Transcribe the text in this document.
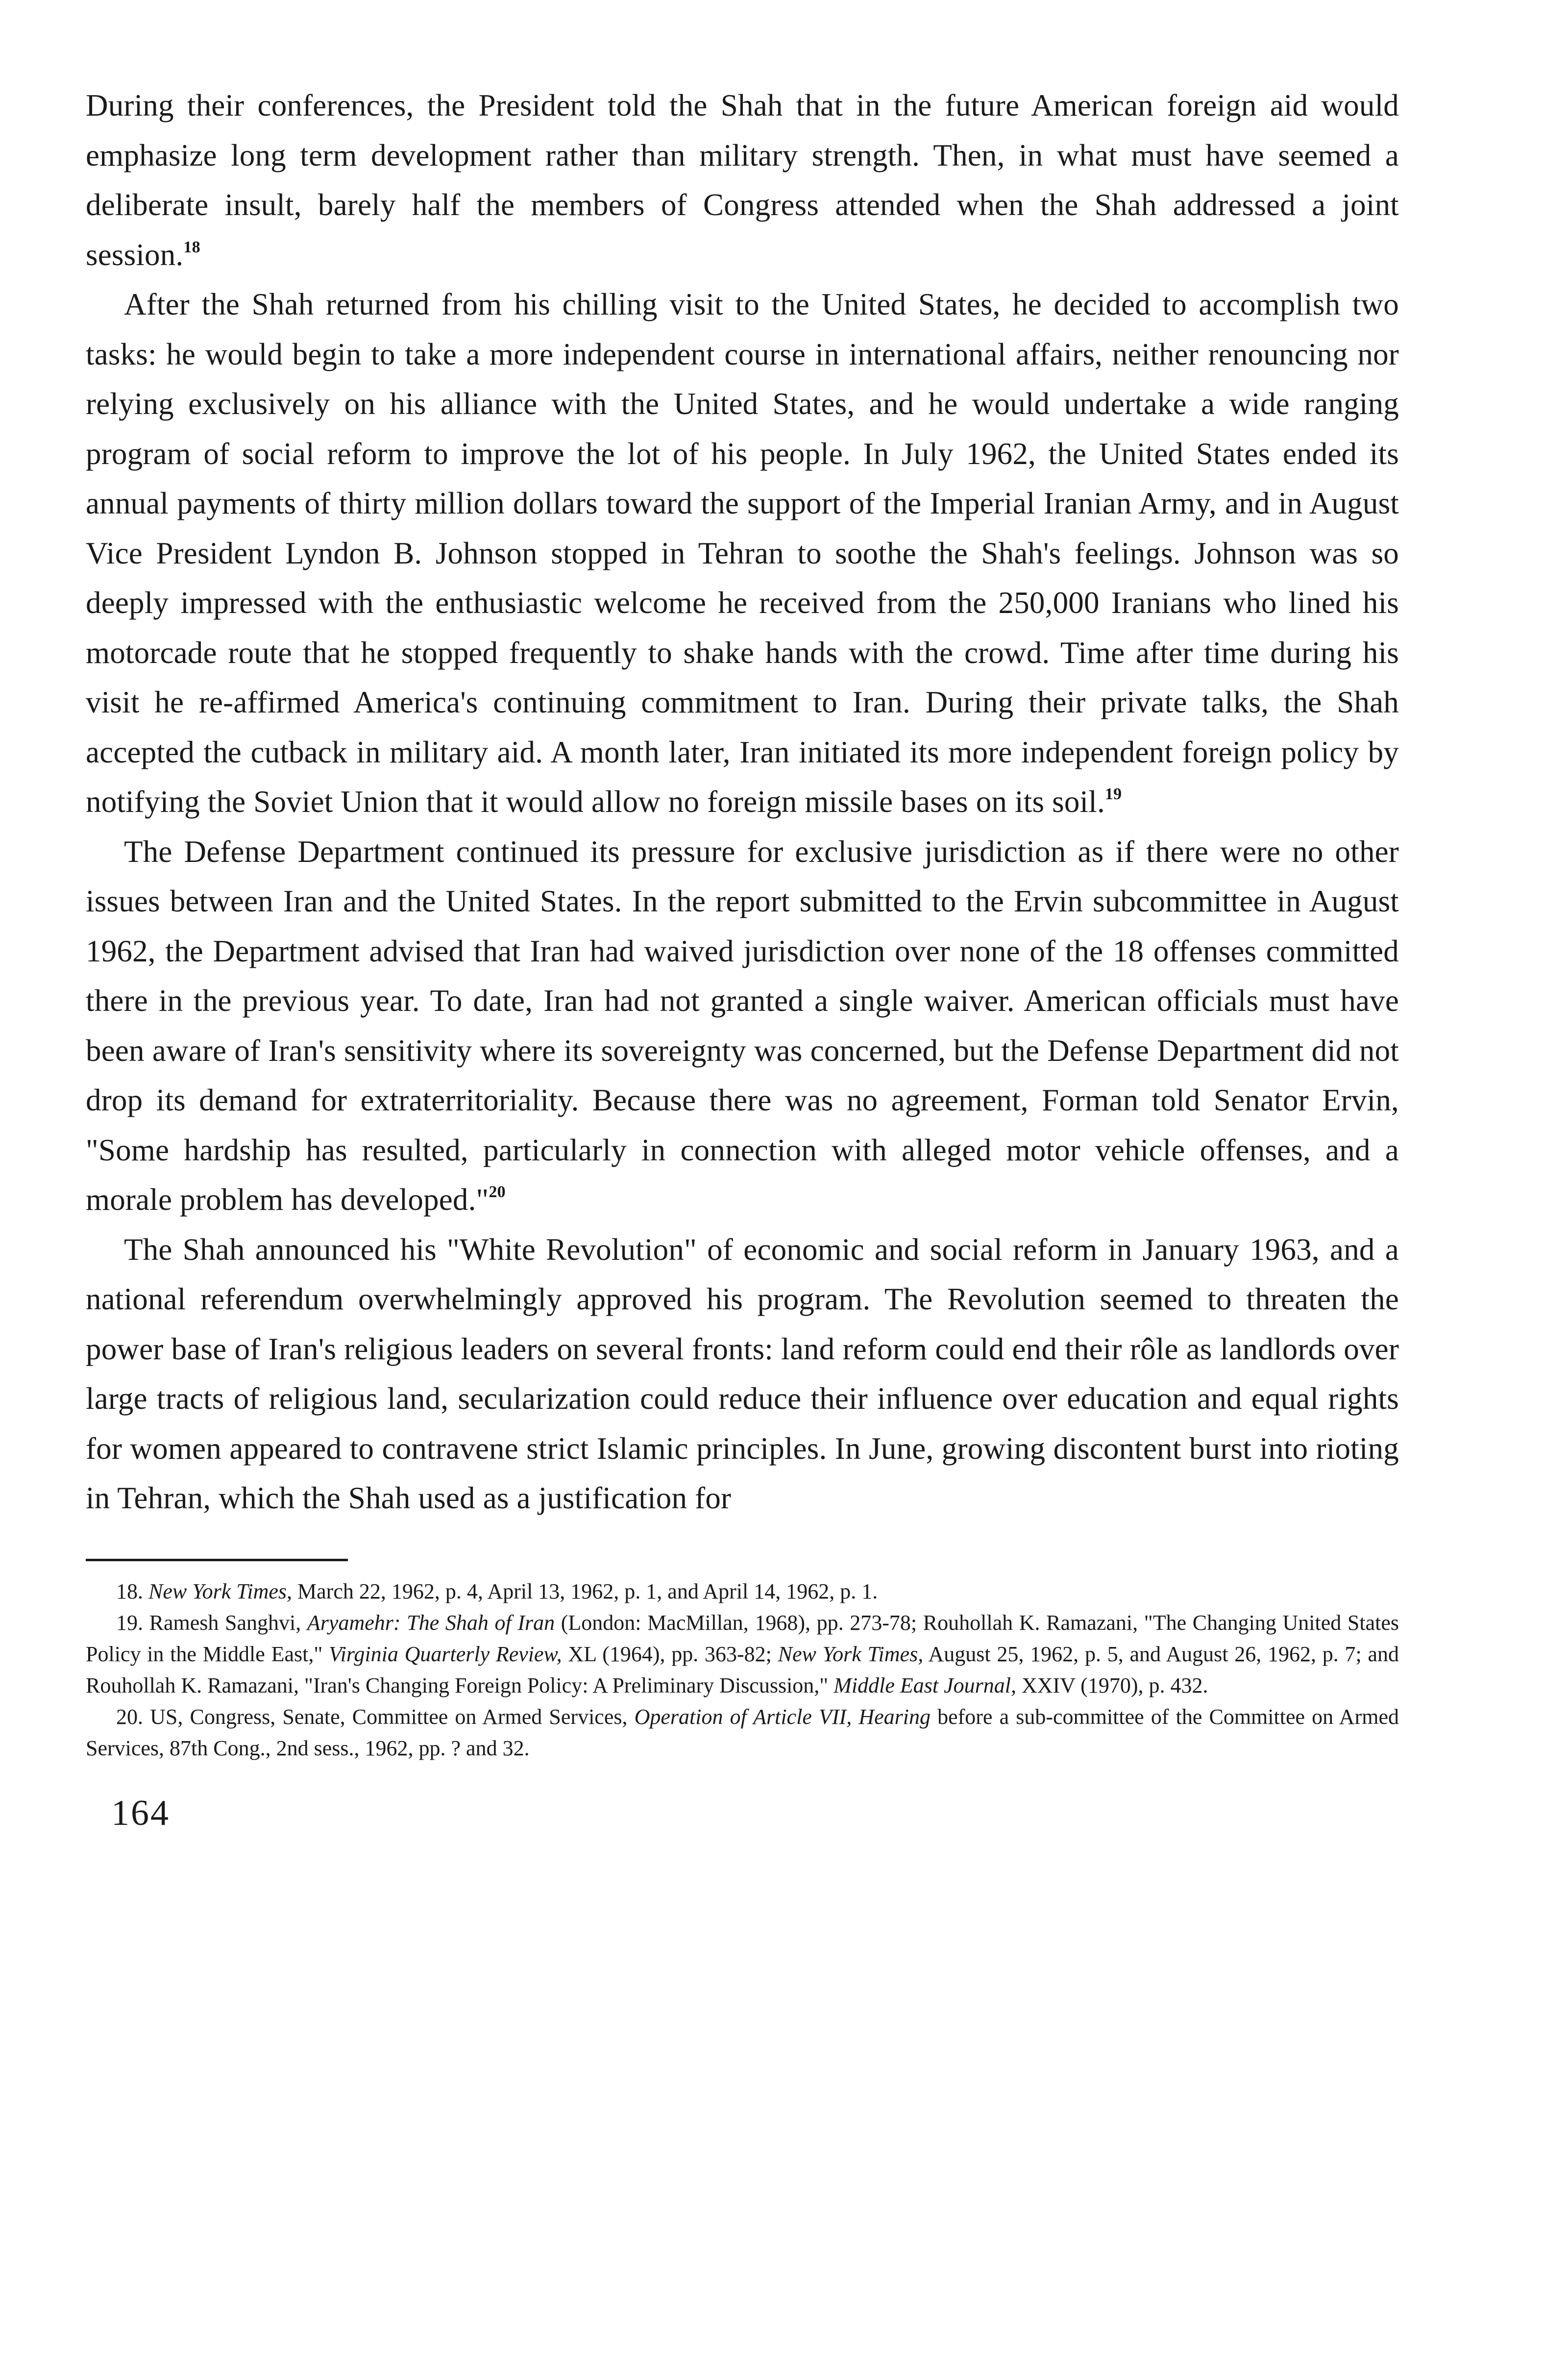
During their conferences, the President told the Shah that in the future American foreign aid would emphasize long term development rather than military strength. Then, in what must have seemed a deliberate insult, barely half the members of Congress attended when the Shah addressed a joint session.$^{18}$

After the Shah returned from his chilling visit to the United States, he decided to accomplish two tasks: he would begin to take a more independent course in international affairs, neither renouncing nor relying exclusively on his alliance with the United States, and he would undertake a wide ranging program of social reform to improve the lot of his people. In July 1962, the United States ended its annual payments of thirty million dollars toward the support of the Imperial Iranian Army, and in August Vice President Lyndon B. Johnson stopped in Tehran to soothe the Shah's feelings. Johnson was so deeply impressed with the enthusiastic welcome he received from the 250,000 Iranians who lined his motorcade route that he stopped frequently to shake hands with the crowd. Time after time during his visit he re-affirmed America's continuing commitment to Iran. During their private talks, the Shah accepted the cutback in military aid. A month later, Iran initiated its more independent foreign policy by notifying the Soviet Union that it would allow no foreign missile bases on its soil.$^{19}$

The Defense Department continued its pressure for exclusive jurisdiction as if there were no other issues between Iran and the United States. In the report submitted to the Ervin subcommittee in August 1962, the Department advised that Iran had waived jurisdiction over none of the 18 offenses committed there in the previous year. To date, Iran had not granted a single waiver. American officials must have been aware of Iran's sensitivity where its sovereignty was concerned, but the Defense Department did not drop its demand for extraterritoriality. Because there was no agreement, Forman told Senator Ervin, "Some hardship has resulted, particularly in connection with alleged motor vehicle offenses, and a morale problem has developed."$^{20}$

The Shah announced his "White Revolution" of economic and social reform in January 1963, and a national referendum overwhelmingly approved his program. The Revolution seemed to threaten the power base of Iran's religious leaders on several fronts: land reform could end their rôle as landlords over large tracts of religious land, secularization could reduce their influence over education and equal rights for women appeared to contravene strict Islamic principles. In June, growing discontent burst into rioting in Tehran, which the Shah used as a justification for

18. New York Times, March 22, 1962, p. 4, April 13, 1962, p. 1, and April 14, 1962, p. 1.

19. Ramesh Sanghvi, Aryamehr: The Shah of Iran (London: MacMillan, 1968), pp. 273-78; Rouhollah K. Ramazani, "The Changing United States Policy in the Middle East," Virginia Quarterly Review, XL (1964), pp. 363-82; New York Times, August 25, 1962, p. 5, and August 26, 1962, p. 7; and Rouhollah K. Ramazani, "Iran's Changing Foreign Policy: A Preliminary Discussion," Middle East Journal, XXIV (1970), p. 432.

20. US, Congress, Senate, Committee on Armed Services, Operation of Article VII, Hearing before a sub-committee of the Committee on Armed Services, 87th Cong., 2nd sess., 1962, pp. ? and 32.

164
